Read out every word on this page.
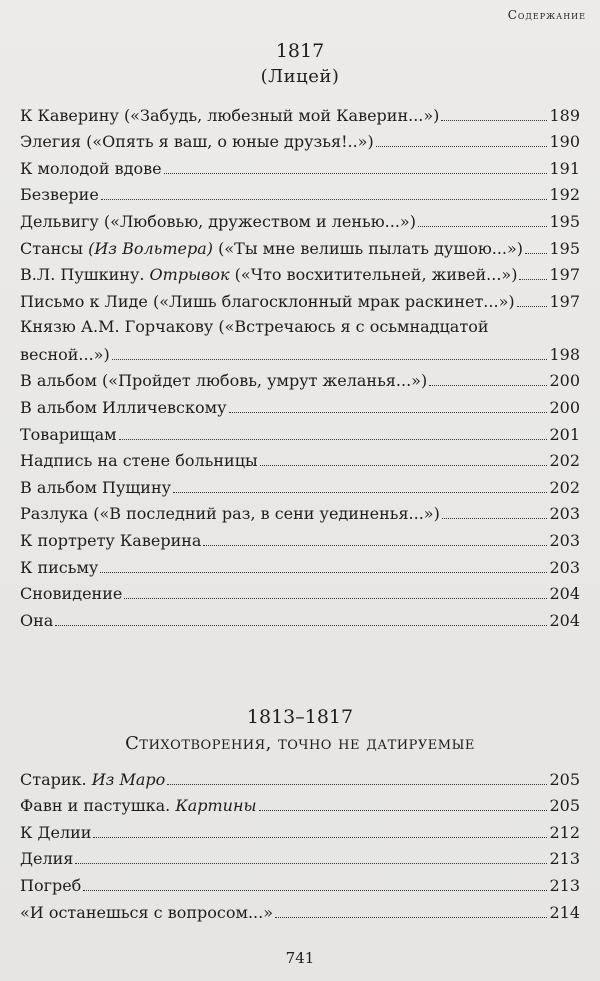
Содержание
1817
(Лицей)
К Каверину («Забудь, любезный мой Каверин...»)	189
Элегия («Опять я ваш, о юные друзья!..»)	190
К молодой вдове	191
Безверие	192
Дельвигу («Любовью, дружеством и ленью...»)	195
Стансы (Из Вольтера) («Ты мне велишь пылать душою...») 195
В.Л. Пушкину. Отрывок («Что восхитительней, живей...») 197
Письмо к Лиде («Лишь благосклонный мрак раскинет...») 197
Князю А.М. Горчакову («Встречаюсь я с осьмнадцатой
весной...»)	198
В альбом («Пройдет любовь, умрут желанья...»)	200
В альбом Илличевскому	200
Товарищам	201
Надпись на стене больницы	202
В альбом Пущину	202
Разлука («В последний раз, в сени уединенья...»)	203
К портрету Каверина	203
К письму	203
Сновидение	204
Она	204
1813–1817
Стихотворения, точно не датируемые
Старик. Из Маро	205
Фавн и пастушка. Картины	205
К Делии	212
Делия	213
Погреб	213
«И останешься с вопросом...»	214
741
